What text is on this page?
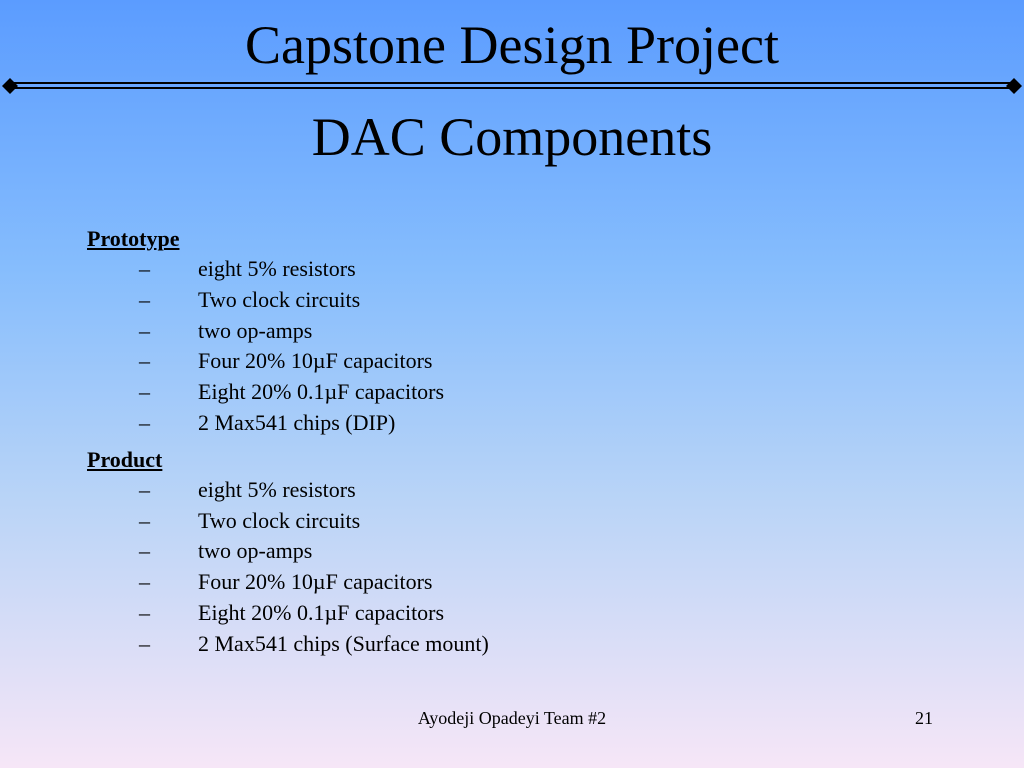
Capstone Design Project
DAC Components
Prototype
– eight 5% resistors
– Two clock circuits
– two op-amps
– Four 20% 10µF capacitors
– Eight 20% 0.1µF capacitors
– 2 Max541 chips (DIP)
Product
– eight 5% resistors
– Two clock circuits
– two op-amps
– Four 20% 10µF capacitors
– Eight 20% 0.1µF capacitors
– 2 Max541 chips (Surface mount)
Ayodeji Opadeyi Team #2	21
